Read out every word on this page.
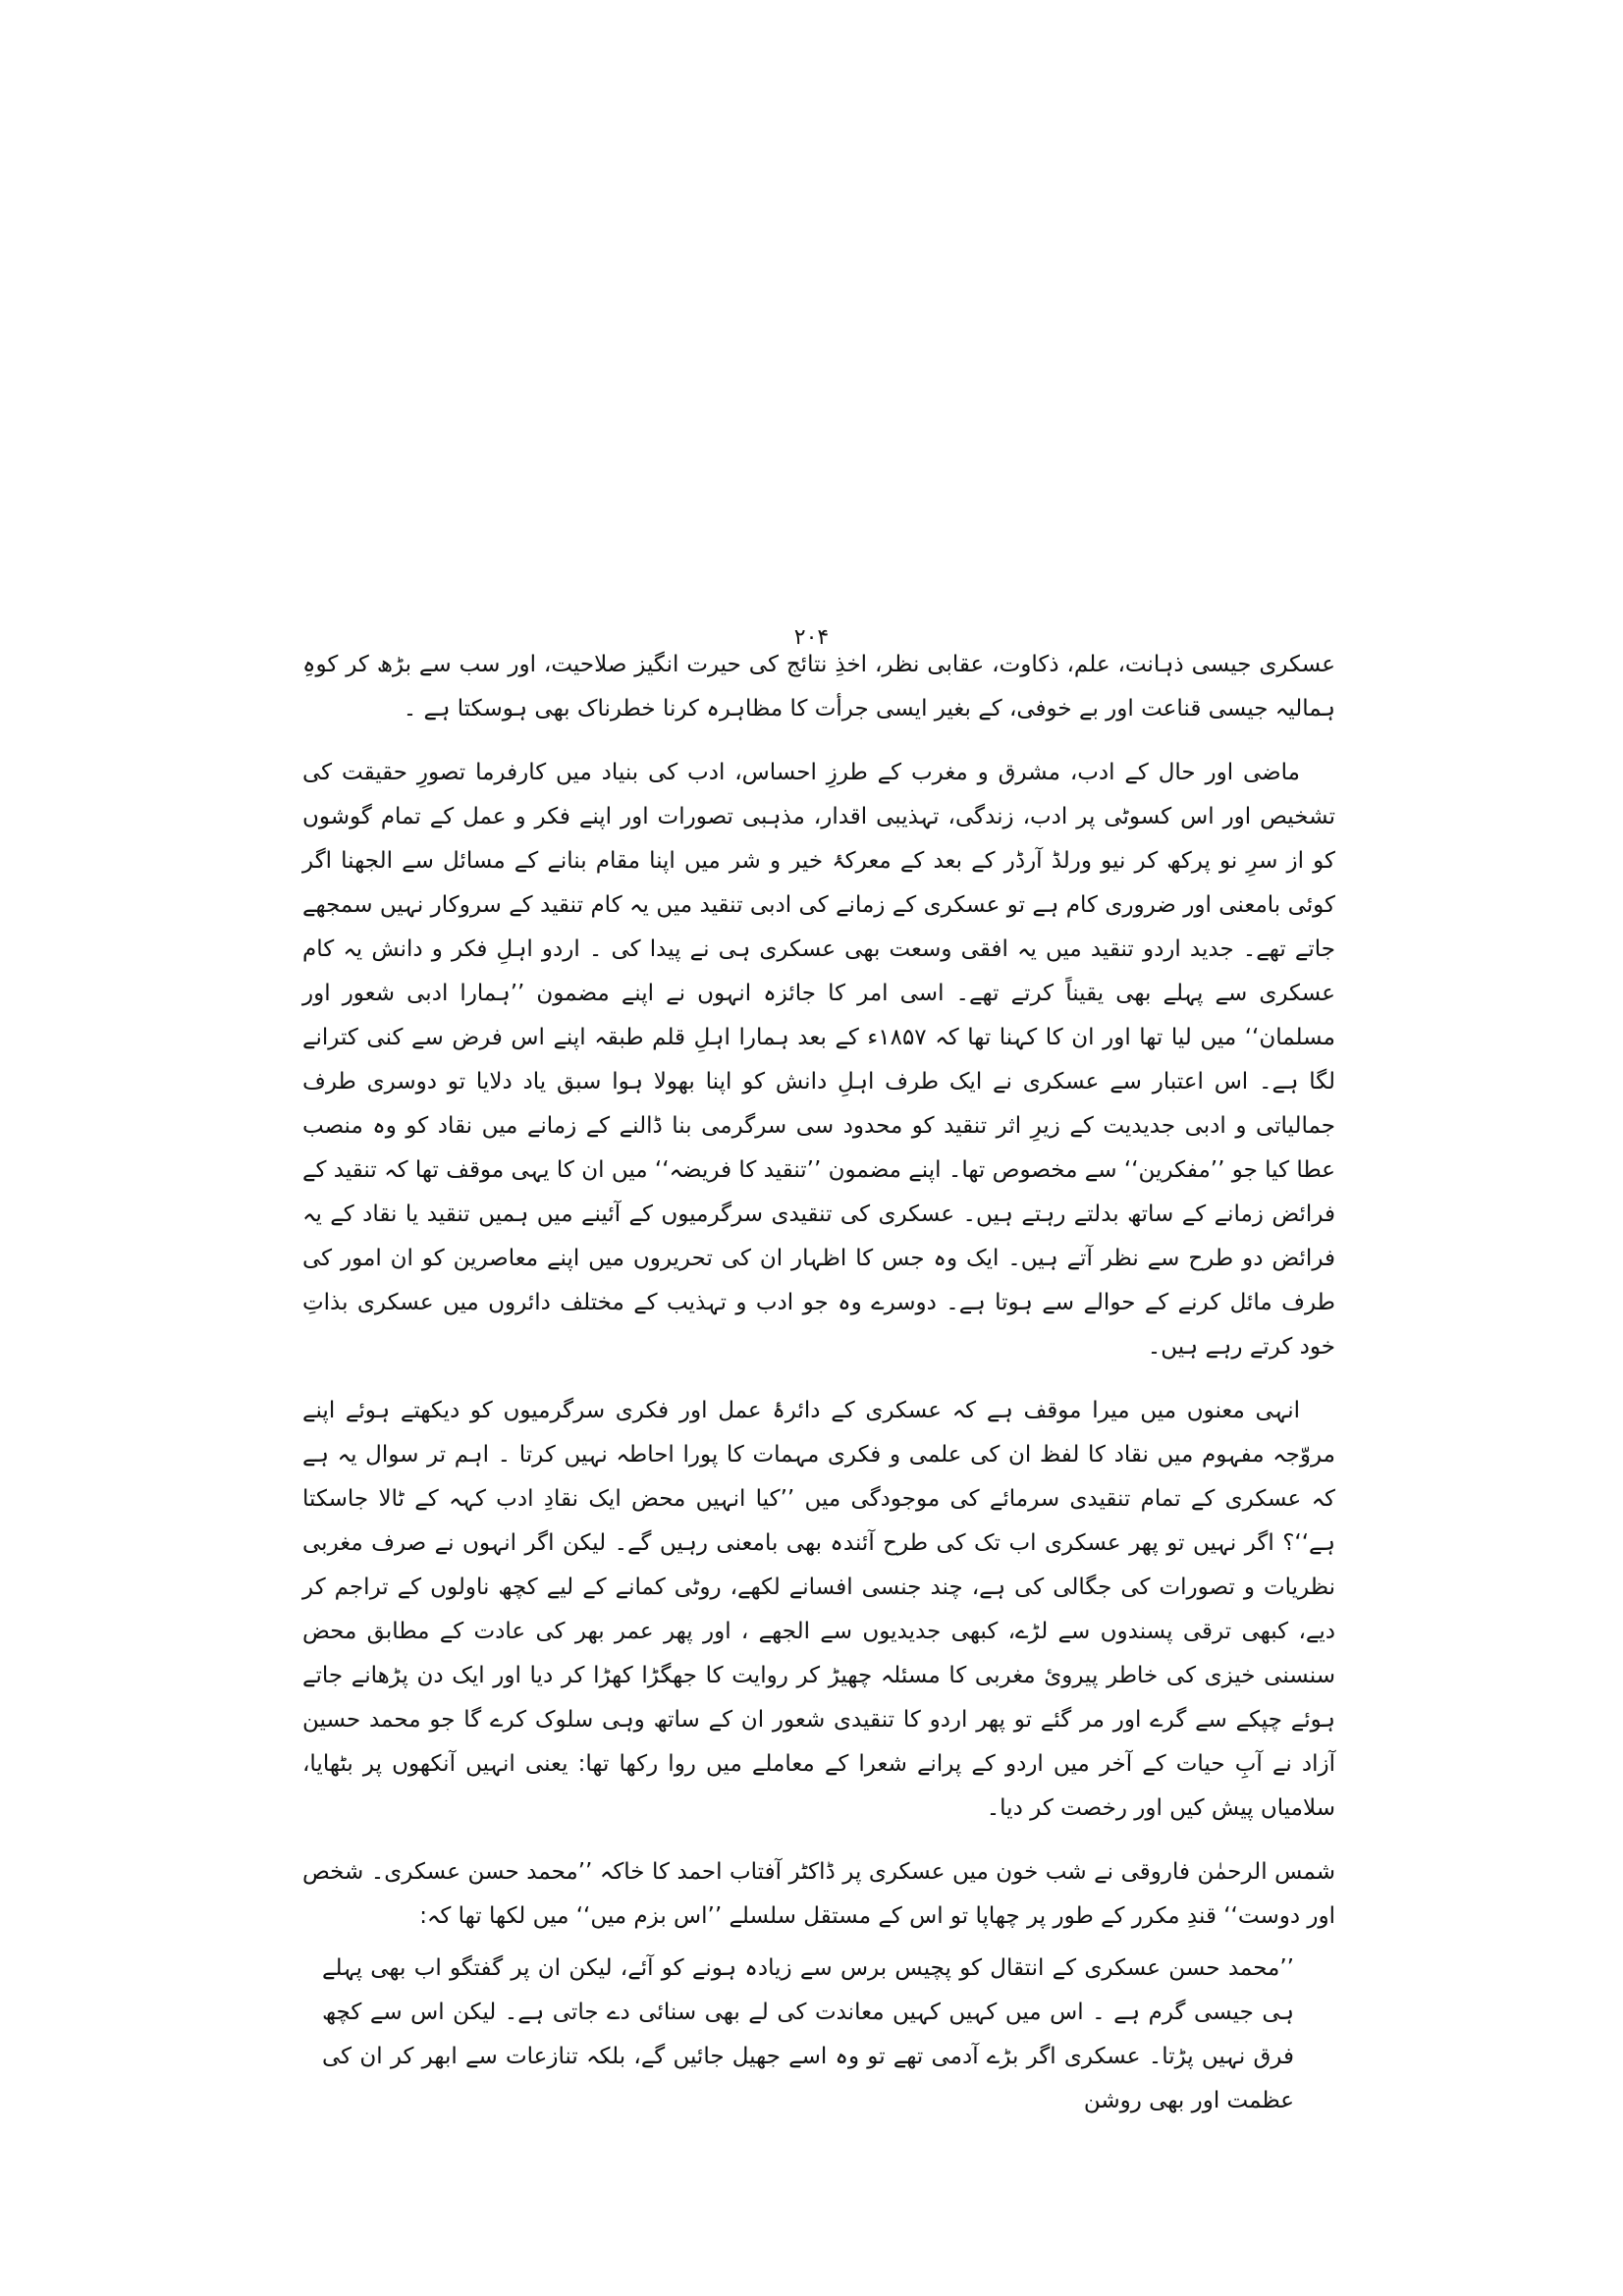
۲۰۴

عسکری جیسی ذہانت، علم، ذکاوت، عقابی نظر، اخذِ نتائج کی حیرت انگیز صلاحیت، اور سب سے بڑھ کر کوہِ ہمالیہ جیسی قناعت اور بے خوفی، کے بغیر ایسی جرأت کا مظاہرہ کرنا خطرناک بھی ہوسکتا ہے ۔

ماضی اور حال کے ادب، مشرق و مغرب کے طرزِ احساس، ادب کی بنیاد میں کارفرما تصورِ حقیقت کی تشخیص اور اس کسوٹی پر ادب، زندگی، تہذیبی اقدار، مذہبی تصورات اور اپنے فکر و عمل کے تمام گوشوں کو از سرِ نو پرکھ کر نیو ورلڈ آرڈر کے بعد کے معرکۂ خیر و شر میں اپنا مقام بنانے کے مسائل سے الجھنا اگر کوئی بامعنی اور ضروری کام ہے تو عسکری کے زمانے کی ادبی تنقید میں یہ کام تنقید کے سروکار نہیں سمجھے جاتے تھے۔ جدید اردو تنقید میں یہ افقی وسعت بھی عسکری ہی نے پیدا کی ۔ اردو اہلِ فکر و دانش یہ کام عسکری سے پہلے بھی یقیناً کرتے تھے۔ اسی امر کا جائزہ انہوں نے اپنے مضمون ’’ہمارا ادبی شعور اور مسلمان‘‘ میں لیا تھا اور ان کا کہنا تھا کہ ۱۸۵۷ء کے بعد ہمارا اہلِ قلم طبقہ اپنے اس فرض سے کنی کترانے لگا ہے۔ اس اعتبار سے عسکری نے ایک طرف اہلِ دانش کو اپنا بھولا ہوا سبق یاد دلایا تو دوسری طرف جمالیاتی و ادبی جدیدیت کے زیرِ اثر تنقید کو محدود سی سرگرمی بنا ڈالنے کے زمانے میں نقاد کو وہ منصب عطا کیا جو ’’مفکرین‘‘ سے مخصوص تھا۔ اپنے مضمون ’’تنقید کا فریضہ‘‘ میں ان کا یہی موقف تھا کہ تنقید کے فرائض زمانے کے ساتھ بدلتے رہتے ہیں۔ عسکری کی تنقیدی سرگرمیوں کے آئینے میں ہمیں تنقید یا نقاد کے یہ فرائض دو طرح سے نظر آتے ہیں۔ ایک وہ جس کا اظہار ان کی تحریروں میں اپنے معاصرین کو ان امور کی طرف مائل کرنے کے حوالے سے ہوتا ہے۔ دوسرے وہ جو ادب و تہذیب کے مختلف دائروں میں عسکری بذاتِ خود کرتے رہے ہیں۔

انہی معنوں میں میرا موقف ہے کہ عسکری کے دائرۂ عمل اور فکری سرگرمیوں کو دیکھتے ہوئے اپنے مروّجہ مفہوم میں نقاد کا لفظ ان کی علمی و فکری مہمات کا پورا احاطہ نہیں کرتا ۔ اہم تر سوال یہ ہے کہ عسکری کے تمام تنقیدی سرمائے کی موجودگی میں ’’کیا انہیں محض ایک نقادِ ادب کہہ کے ٹالا جاسکتا ہے‘‘؟ اگر نہیں تو پھر عسکری اب تک کی طرح آئندہ بھی بامعنی رہیں گے۔ لیکن اگر انہوں نے صرف مغربی نظریات و تصورات کی جگالی کی ہے، چند جنسی افسانے لکھے، روٹی کمانے کے لیے کچھ ناولوں کے تراجم کر دیے، کبھی ترقی پسندوں سے لڑے، کبھی جدیدیوں سے الجھے ، اور پھر عمر بھر کی عادت کے مطابق محض سنسنی خیزی کی خاطر پیرویٔ مغربی کا مسئلہ چھیڑ کر روایت کا جھگڑا کھڑا کر دیا اور ایک دن پڑھانے جاتے ہوئے چپکے سے گرے اور مر گئے تو پھر اردو کا تنقیدی شعور ان کے ساتھ وہی سلوک کرے گا جو محمد حسین آزاد نے آبِ حیات کے آخر میں اردو کے پرانے شعرا کے معاملے میں روا رکھا تھا: یعنی انہیں آنکھوں پر بٹھایا، سلامیاں پیش کیں اور رخصت کر دیا۔

شمس الرحمٰن فاروقی نے شب خون میں عسکری پر ڈاکٹر آفتاب احمد کا خاکہ ’’محمد حسن عسکری۔ شخص اور دوست‘‘ قندِ مکرر کے طور پر چھاپا تو اس کے مستقل سلسلے ’’اس بزم میں‘‘ میں لکھا تھا کہ:

’’محمد حسن عسکری کے انتقال کو پچیس برس سے زیادہ ہونے کو آئے، لیکن ان پر گفتگو اب بھی پہلے ہی جیسی گرم ہے ۔ اس میں کہیں کہیں معاندت کی لے بھی سنائی دے جاتی ہے۔ لیکن اس سے کچھ فرق نہیں پڑتا۔ عسکری اگر بڑے آدمی تھے تو وہ اسے جھیل جائیں گے، بلکہ تنازعات سے ابھر کر ان کی عظمت اور بھی روشن
